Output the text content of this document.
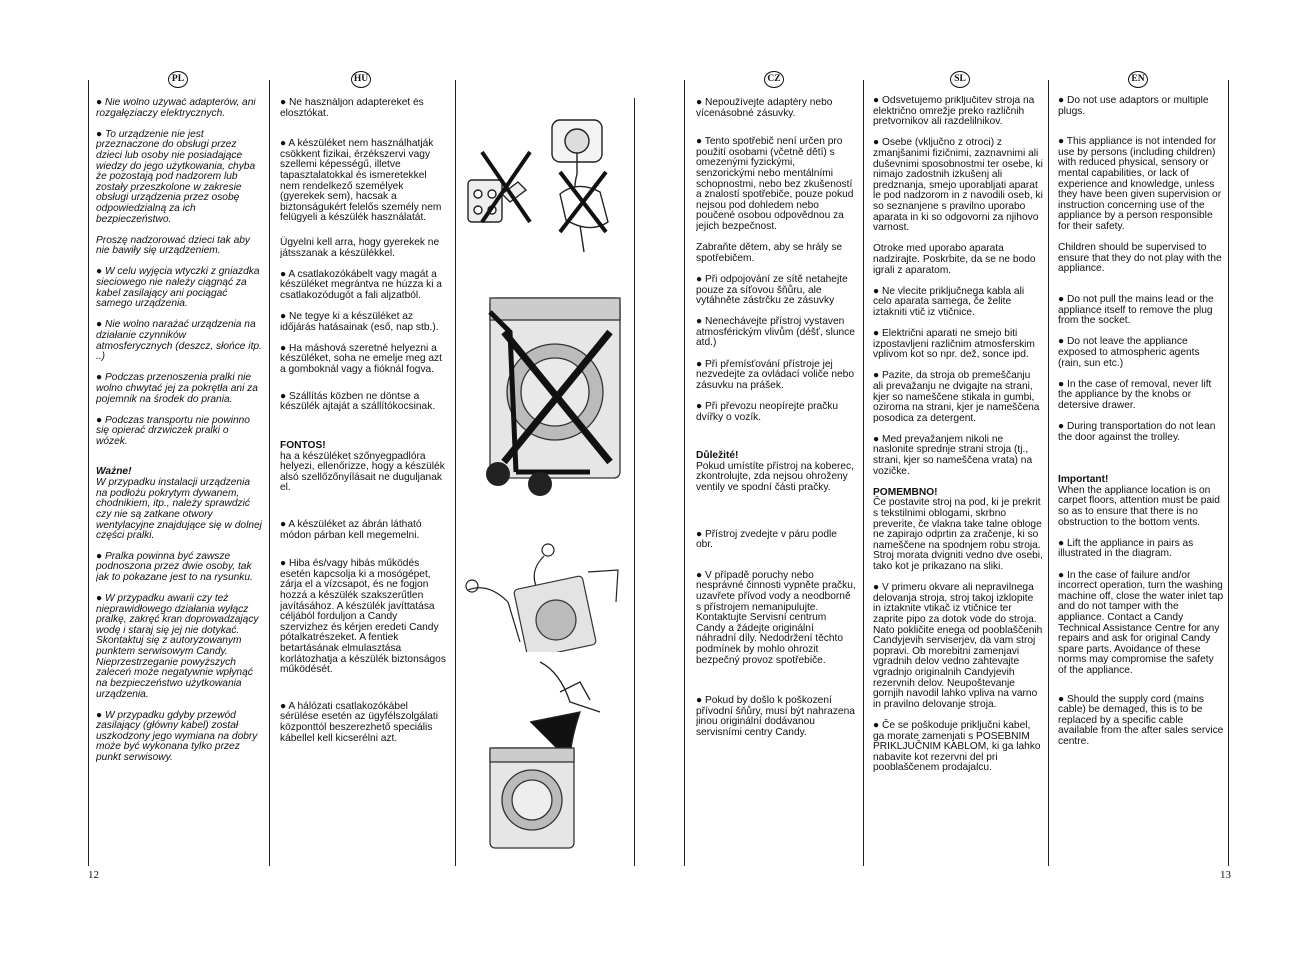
PL	HU	CZ	SL	EN
12	13

● Nie wolno używać adapterów, ani rozgałęziaczy elektrycznych.

● To urządzenie nie jest przeznaczone do obsługi przez dzieci lub osoby nie posiadające wiedzy do jego użytkowania, chyba że pozostają pod nadzorem lub zostały przeszkolone w zakresie obsługi urządzenia przez osobę odpowiedzialną za ich bezpieczeństwo.

Proszę nadzorować dzieci tak aby nie bawiły się urządzeniem.

● W celu wyjęcia wtyczki z gniazdka sieciowego nie należy ciągnąć za kabel zasilający ani pociągać samego urządzenia.

● Nie wolno narażać urządzenia na działanie czynników atmosferycznych (deszcz, słońce itp. ..)

● Podczas przenoszenia pralki nie wolno chwytać jej za pokrętła ani za pojemnik na środek do prania.

● Podczas transportu nie powinno się opierać drzwiczek pralki o wózek.

Ważne!
W przypadku instalacji urządzenia na podłożu pokrytym dywanem, chodnikiem, itp., należy sprawdzić czy nie są zatkane otwory wentylacyjne znajdujące się w dolnej części pralki.

● Pralka powinna być zawsze podnoszona przez dwie osoby, tak jak to pokazane jest to na rysunku.

● W przypadku awarii czy też nieprawidłowego działania wyłącz pralkę, zakręć kran doprowadzający wodę i staraj się jej nie dotykać. Skontaktuj się z autoryzowanym punktem serwisowym Candy. Nieprzestrzeganie powyższych zaleceń może negatywnie wpłynąć na bezpieczeństwo użytkowania urządzenia.

● W przypadku gdyby przewód zasilający (główny kabel) został uszkodzony jego wymiana na dobry może być wykonana tylko przez punkt serwisowy.

● Ne használjon adaptereket és elosztókat.

● A készüléket nem használhatják csökkent fizikai, érzékszervi vagy szellemi képességű, illetve tapasztalatokkal és ismeretekkel nem rendelkező személyek (gyerekek sem), hacsak a biztonságukért felelős személy nem felügyeli a készülék használatát.

Ügyelni kell arra, hogy gyerekek ne játsszanak a készülékkel.

● A csatlakozókábelt vagy magát a készüléket megrántva ne húzza ki a csatlakozódugót a fali aljzatból.

● Ne tegye ki a készüléket az időjárás hatásainak (eső, nap stb.).

● Ha máshová szeretné helyezni a készüléket, soha ne emelje meg azt a gomboknál vagy a fióknál fogva.

● Szállítás közben ne döntse a készülék ajtaját a szállítókocsinak.

FONTOS!
ha a készüléket szőnyegpadlóra helyezi, ellenőrizze, hogy a készülék alsó szellőzőnyílásait ne duguljanak el.

● A készüléket az ábrán látható módon párban kell megemelni.

● Hiba és/vagy hibás működés esetén kapcsolja ki a mosógépet, zárja el a vízcsapot, és ne fogjon hozzá a készülék szakszerűtlen javításához. A készülék javíttatása céljából forduljon a Candy szervizhez és kérjen eredeti Candy pótalkatrészeket. A fentiek betartásának elmulasztása korlátozhatja a készülék biztonságos működését.

● A hálózati csatlakozókábel sérülése esetén az ügyfélszolgálati központtól beszerezhető speciális kábellel kell kicserélni azt.

● Nepoužívejte adaptéry nebo vícenásobné zásuvky.

● Tento spotřebič není určen pro použití osobami (včetně dětí) s omezenými fyzickými, senzorickými nebo mentálními schopnostmi, nebo bez zkušeností a znalostí spotřebiče, pouze pokud nejsou pod dohledem nebo poučené osobou odpovědnou za jejich bezpečnost.

Zabraňte dětem, aby se hrály se spotřebičem.

● Při odpojování ze sítě netahejte pouze za síťovou šňůru, ale vytáhněte zástrčku ze zásuvky

● Nenechávejte přístroj vystaven atmosférickým vlivům (déšť, slunce atd.)

● Při přemísťování přístroje jej nezvedejte za ovládací voliče nebo zásuvku na prášek.

● Při převozu neopírejte pračku dvířky o vozík.

Důležité!
Pokud umístíte přístroj na koberec, zkontrolujte, zda nejsou ohroženy ventily ve spodní části pračky.

● Přístroj zvedejte v páru podle obr.

● V případě poruchy nebo nesprávné činnosti vypněte pračku, uzavřete přívod vody a neodborně s přístrojem nemanipulujte. Kontaktujte Servisní centrum Candy a žádejte originální náhradní díly. Nedodržení těchto podmínek by mohlo ohrozit bezpečný provoz spotřebiče.

● Pokud by došlo k poškození přívodní šňůry, musí být nahrazena jinou originální dodávanou servisními centry Candy.

● Odsvetujemo priključitev stroja na električno omrežje preko različnih pretvornikov ali razdelilnikov.

● Osebe (vključno z otroci) z zmanjšanimi fizičnimi, zaznavnimi ali duševnimi sposobnostmi ter osebe, ki nimajo zadostnih izkušenj ali predznanja, smejo uporabljati aparat le pod nadzorom in z navodili oseb, ki so seznanjene s pravilno uporabo aparata in ki so odgovorni za njihovo varnost.

Otroke med uporabo aparata nadzirajte. Poskrbite, da se ne bodo igrali z aparatom.

● Ne vlecite priključnega kabla ali celo aparata samega, če želite iztakniti vtič iz vtičnice.

● Električni aparati ne smejo biti izpostavljeni različnim atmosferskim vplivom kot so npr. dež, sonce ipd.

● Pazite, da stroja ob premeščanju ali prevažanju ne dvigajte na strani, kjer so nameščene stikala in gumbi, oziroma na strani, kjer je nameščena posodica za detergent.

● Med prevažanjem nikoli ne naslonite sprednje strani stroja (tj., strani, kjer so nameščena vrata) na vozičke.

POMEMBNO!
Če postavite stroj na pod, ki je prekrit s tekstilnimi oblogami, skrbno preverite, če vlakna take talne obloge ne zapirajo odprtin za zračenje, ki so nameščene na spodnjem robu stroja. Stroj morata dvigniti vedno dve osebi, tako kot je prikazano na sliki.

● V primeru okvare ali nepravilnega delovanja stroja, stroj takoj izklopite in iztaknite vtikač iz vtičnice ter zaprite pipo za dotok vode do stroja. Nato pokličite enega od pooblaščenih Candyjevih serviserjev, da vam stroj popravi. Ob morebitni zamenjavi vgradnih delov vedno zahtevajte vgradnjo originalnih Candyjevih rezervnih delov. Neupoštevanje gornjih navodil lahko vpliva na varno in pravilno delovanje stroja.

● Če se poškoduje priključni kabel, ga morate zamenjati s POSEBNIM PRIKLJUČNIM KABLOM, ki ga lahko nabavite kot rezervni del pri pooblaščenem prodajalcu.

● Do not use adaptors or multiple plugs.

● This appliance is not intended for use by persons (including children) with reduced physical, sensory or mental capabilities, or lack of experience and knowledge, unless they have been given supervision or instruction concerning use of the appliance by a person responsible for their safety.

Children should be supervised to ensure that they do not play with the appliance.

● Do not pull the mains lead or the appliance itself to remove the plug from the socket.

● Do not leave the appliance exposed to atmospheric agents (rain, sun etc.)

● In the case of removal, never lift the appliance by the knobs or detersive drawer.

● During transportation do not lean the door against the trolley.

Important!
When the appliance location is on carpet floors, attention must be paid so as to ensure that there is no obstruction to the bottom vents.

● Lift the appliance in pairs as illustrated in the diagram.

● In the case of failure and/or incorrect operation, turn the washing machine off, close the water inlet tap and do not tamper with the appliance. Contact a Candy Technical Assistance Centre for any repairs and ask for original Candy spare parts. Avoidance of these norms may compromise the safety of the appliance.

● Should the supply cord (mains cable) be demaged, this is to be replaced by a specific cable available from the after sales service centre.
